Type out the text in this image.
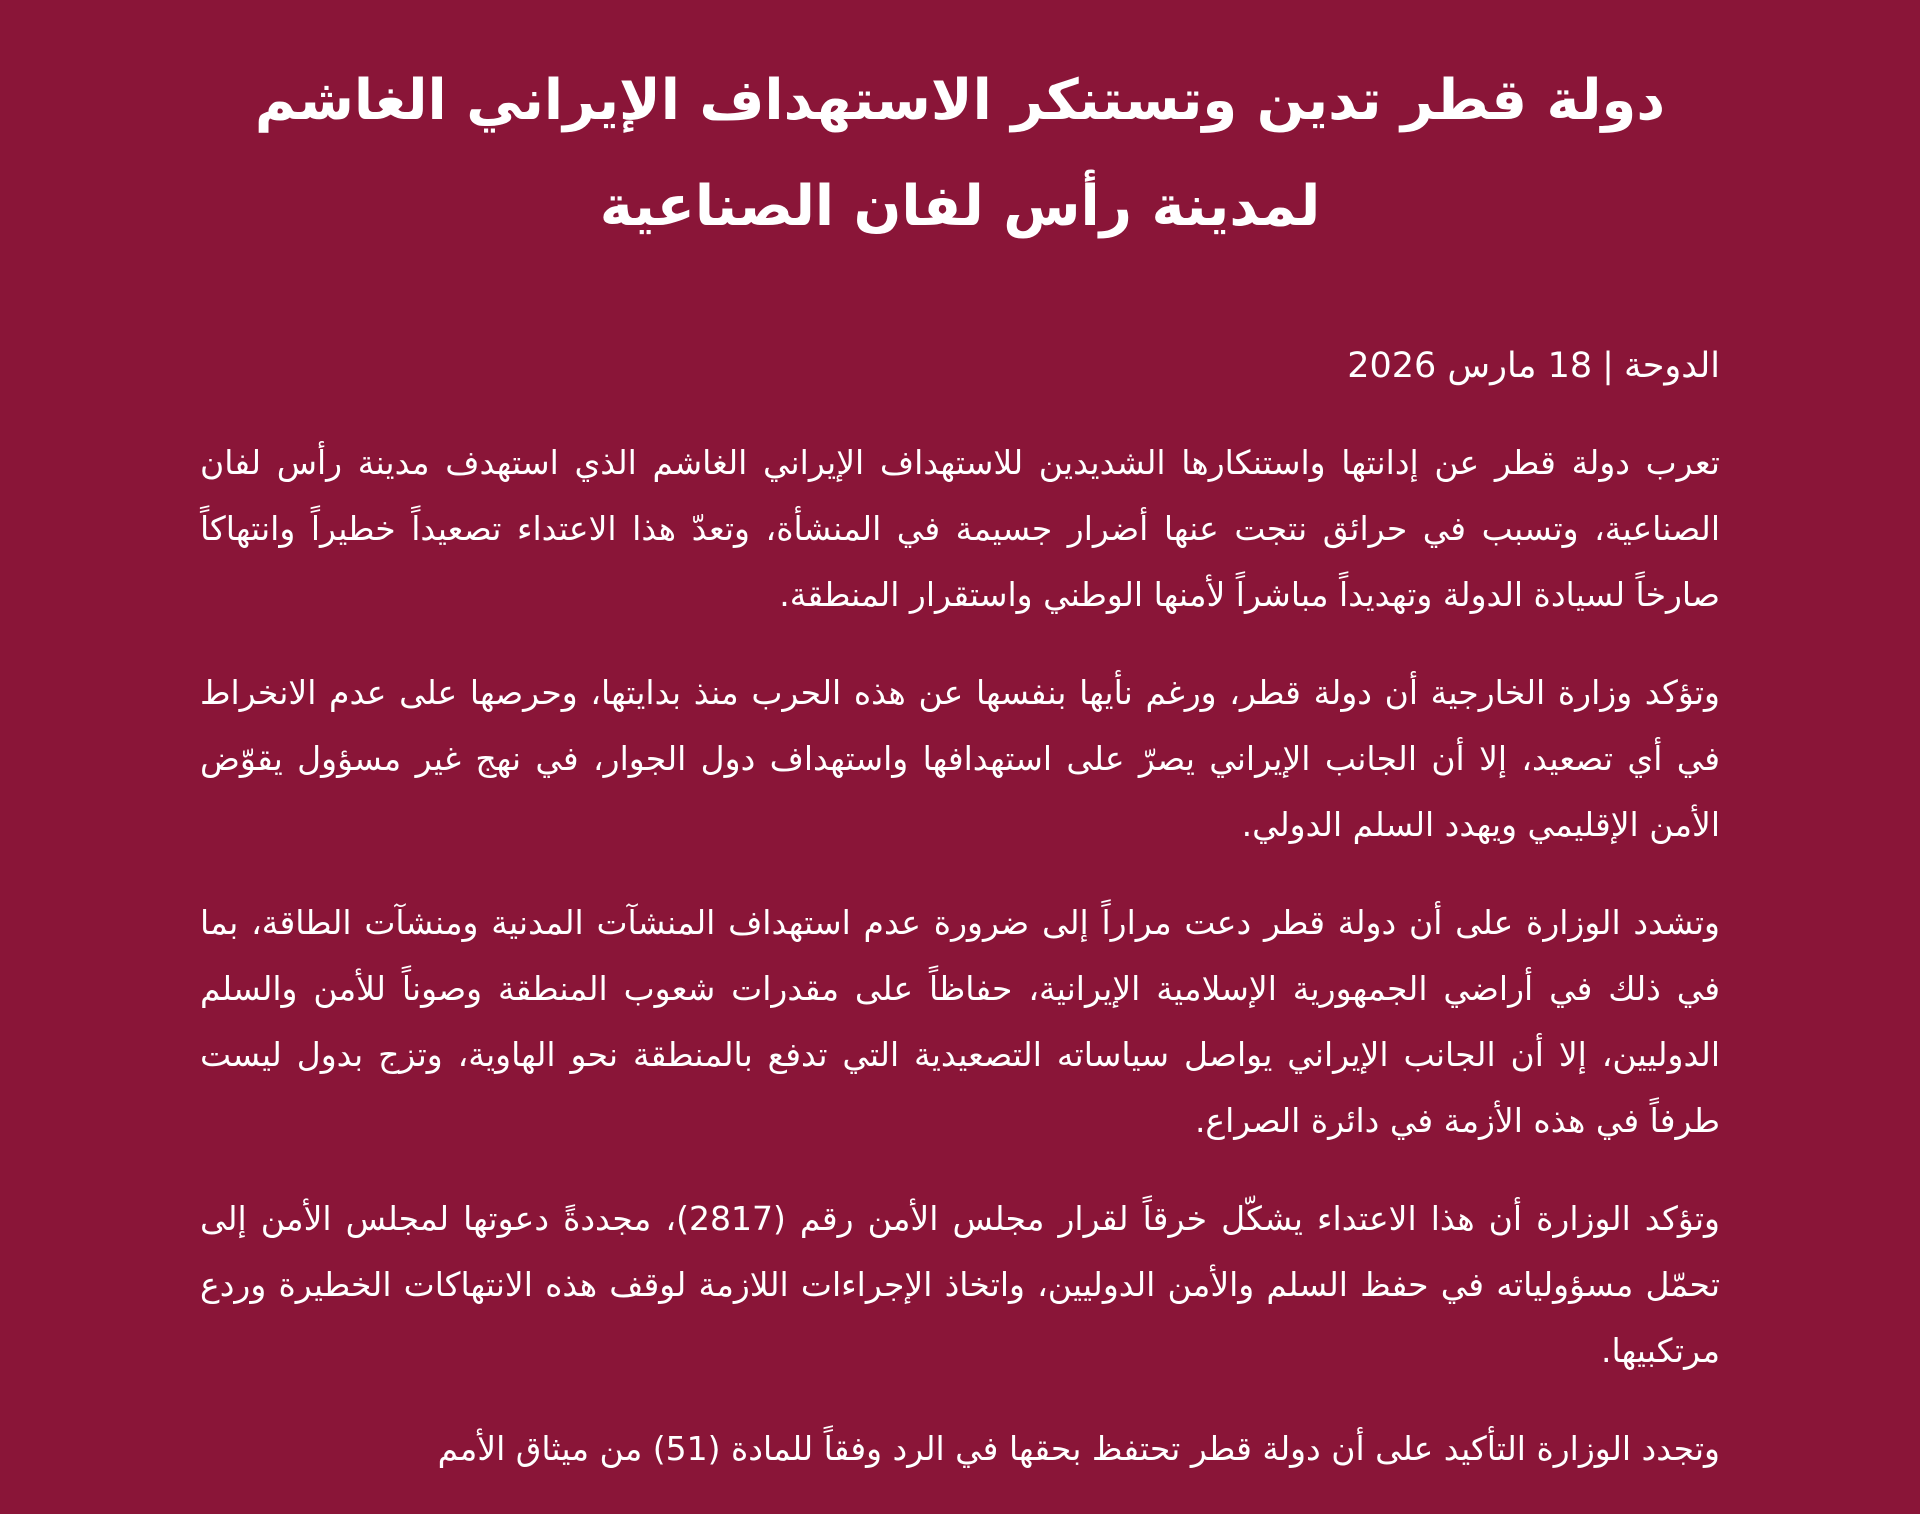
دولة قطر تدين وتستنكر الاستهداف الإيراني الغاشم
لمدينة رأس لفان الصناعية

الدوحة|18 مارس 2026

تعرب دولة قطر عن إدانتها واستنكارها الشديدين للاستهداف الإيراني الغاشم الذي استهدف مدينة رأس لفان الصناعية، وتسبب في حرائق نتجت عنها أضرار جسيمة في المنشأة، وتعدّ هذا الاعتداء تصعيداً خطيراً وانتهاكاً صارخاً لسيادة الدولة وتهديداً مباشراً لأمنها الوطني واستقرار المنطقة.

وتؤكد وزارة الخارجية أن دولة قطر، ورغم نأيها بنفسها عن هذه الحرب منذ بدايتها، وحرصها على عدم الانخراط في أي تصعيد، إلا أن الجانب الإيراني يصرّ على استهدافها واستهداف دول الجوار، في نهج غير مسؤول يقوّض الأمن الإقليمي ويهدد السلم الدولي.

وتشدد الوزارة على أن دولة قطر دعت مراراً إلى ضرورة عدم استهداف المنشآت المدنية ومنشآت الطاقة، بما في ذلك في أراضي الجمهورية الإسلامية الإيرانية، حفاظاً على مقدرات شعوب المنطقة وصوناً للأمن والسلم الدوليين، إلا أن الجانب الإيراني يواصل سياساته التصعيدية التي تدفع بالمنطقة نحو الهاوية، وتزج بدول ليست طرفاً في هذه الأزمة في دائرة الصراع.

وتؤكد الوزارة أن هذا الاعتداء يشكّل خرقاً لقرار مجلس الأمن رقم (2817)، مجددةً دعوتها لمجلس الأمن إلى تحمّل مسؤولياته في حفظ السلم والأمن الدوليين، واتخاذ الإجراءات اللازمة لوقف هذه الانتهاكات الخطيرة وردع مرتكبيها.

وتجدد الوزارة التأكيد على أن دولة قطر تحتفظ بحقها في الرد وفقاً للمادة (51) من ميثاق الأمم
